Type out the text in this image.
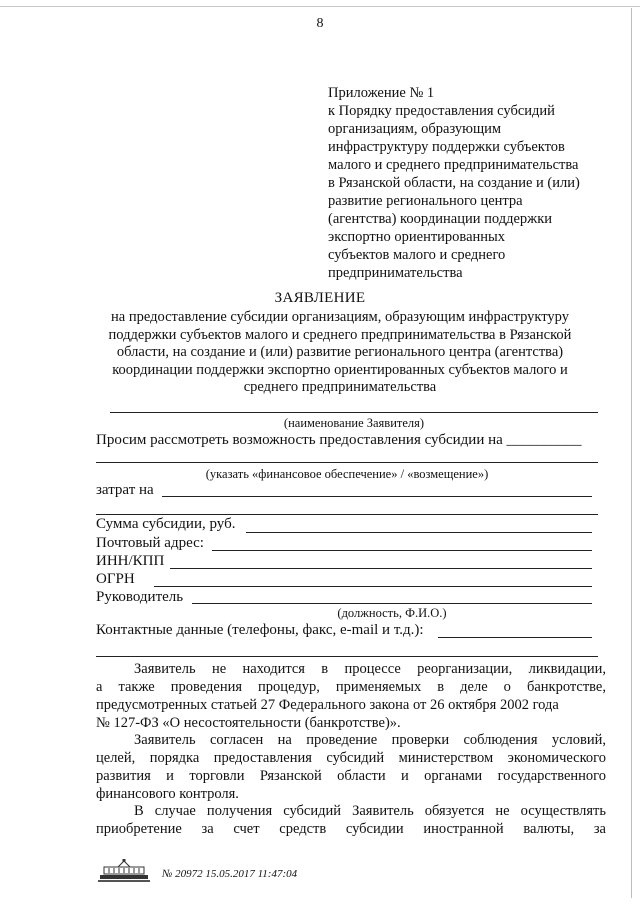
8
Приложение № 1
к Порядку предоставления субсидий
организациям, образующим
инфраструктуру поддержки субъектов
малого и среднего предпринимательства
в Рязанской области, на создание и (или)
развитие регионального центра
(агентства) координации поддержки
экспортно ориентированных
субъектов малого и среднего
предпринимательства
ЗАЯВЛЕНИЕ
на предоставление субсидии организациям, образующим инфраструктуру
поддержки субъектов малого и среднего предпринимательства в Рязанской
области, на создание и (или) развитие регионального центра (агентства)
координации поддержки экспортно ориентированных субъектов малого и
среднего предпринимательства
(наименование Заявителя)
Просим рассмотреть возможность предоставления субсидии на __________
(указать «финансовое обеспечение» / «возмещение»)
затрат на
Сумма субсидии, руб.
Почтовый адрес:
ИНН/КПП
ОГРН
Руководитель
(должность, Ф.И.О.)
Контактные данные (телефоны, факс, e-mail и т.д.):
Заявитель не находится в процессе реорганизации, ликвидации,
а также проведения процедур, применяемых в деле о банкротстве,
предусмотренных статьей 27 Федерального закона от 26 октября 2002 года
№ 127-ФЗ «О несостоятельности (банкротстве)».
Заявитель согласен на проведение проверки соблюдения условий,
целей, порядка предоставления субсидий министерством экономического
развития и торговли Рязанской области и органами государственного
финансового контроля.
В случае получения субсидий Заявитель обязуется не осуществлять
приобретение за счет средств субсидии иностранной валюты, за
№ 20972 15.05.2017 11:47:04
